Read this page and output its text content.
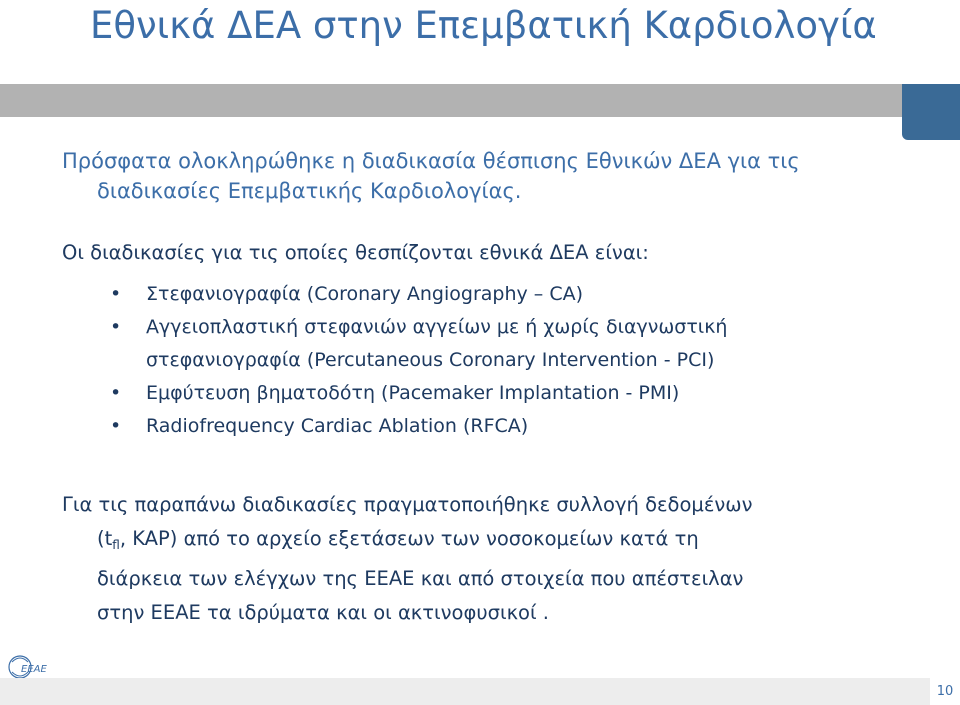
Εθνικά ΔΕΑ στην Επεμβατική Καρδιολογία
Πρόσφατα ολοκληρώθηκε η διαδικασία θέσπισης Εθνικών ΔΕΑ για τις
διαδικασίες Επεμβατικής Καρδιολογίας.
Οι διαδικασίες για τις οποίες θεσπίζονται εθνικά ΔΕΑ είναι:
• Στεφανιογραφία (Coronary Angiography – CA)
• Αγγειοπλαστική στεφανιών αγγείων με ή χωρίς διαγνωστική στεφανιογραφία (Percutaneous Coronary Intervention - PCI)
• Εμφύτευση βηματοδότη (Pacemaker Implantation - PMI)
• Radiofrequency Cardiac Ablation (RFCA)
Για τις παραπάνω διαδικασίες πραγματοποιήθηκε συλλογή δεδομένων
($t_{fl}$, KAP) από το αρχείο εξετάσεων των νοσοκομείων κατά τη
διάρκεια των ελέγχων της ΕΕΑΕ και από στοιχεία που απέστειλαν
στην ΕΕΑΕ τα ιδρύματα και οι ακτινοφυσικοί .
ΕΕΑΕ
10
